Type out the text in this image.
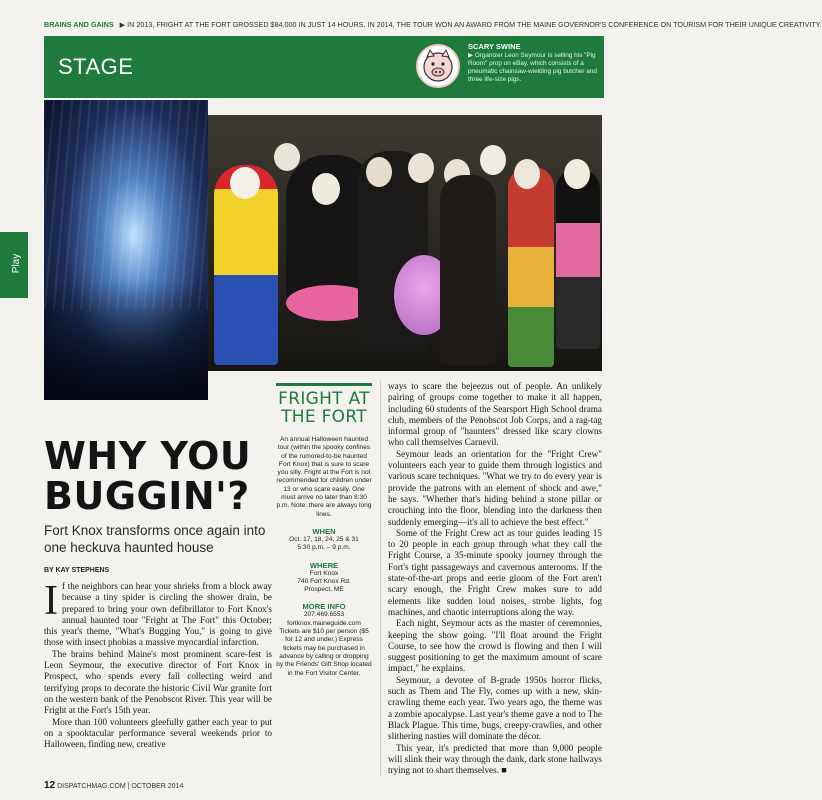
BRAINS AND GAINS ▶ IN 2013, FRIGHT AT THE FORT GROSSED $84,000 IN JUST 14 HOURS. IN 2014, THE TOUR WON AN AWARD FROM THE MAINE GOVERNOR'S CONFERENCE ON TOURISM FOR THEIR UNIQUE CREATIVITY.
STAGE
SCARY SWINE
▶ Organizer Leon Seymour is selling his "Pig Room" prop on eBay, which consists of a pneumatic chainsaw-wielding pig butcher and three life-size pigs.
Play
WHY YOU
BUGGIN'?
Fort Knox transforms once again into one heckuva haunted house
BY KAY STEPHENS

If the neighbors can hear your shrieks from a block away because a tiny spider is circling the shower drain, be prepared to bring your own defibrillator to Fort Knox's annual haunted tour "Fright at The Fort" this October; this year's theme, "What's Bugging You," is going to give those with insect phobias a massive myocardial infarction.

The brains behind Maine's most prominent scare-fest is Leon Seymour, the executive director of Fort Knox in Prospect, who spends every fall collecting weird and terrifying props to decorate the historic Civil War granite fort on the western bank of the Penobscot River. This year will be Fright at the Fort's 15th year.

More than 100 volunteers gleefully gather each year to put on a spooktacular performance several weekends prior to Halloween, finding new, creative

FRIGHT AT
THE FORT
An annual Halloween haunted tour (within the spooky confines of the rumored-to-be haunted Fort Knox) that is sure to scare you silly. Fright at the Fort is not recommended for children under 13 or who scare easily. One must arrive no later than 8:30 p.m. Note: there are always long lines.
WHEN
Oct. 17, 18, 24, 25 & 31
5:30 p.m. – 9 p.m.
WHERE
Fort Knox
740 Fort Knox Rd.
Prospect, ME
MORE INFO
207.469.6553
fortknox.maineguide.com
Tickets are $10 per person ($5 for 12 and under.) Express tickets may be purchased in advance by calling or dropping by the Friends' Gift Shop located in the Fort Visitor Center.

ways to scare the bejeezus out of people. An unlikely pairing of groups come together to make it all happen, including 60 students of the Searsport High School drama club, members of the Penobscot Job Corps, and a rag-tag informal group of "haunters" dressed like scary clowns who call themselves Carnevil.

Seymour leads an orientation for the "Fright Crew" volunteers each year to guide them through logistics and various scare techniques. "What we try to do every year is provide the patrons with an element of shock and awe," he says. "Whether that's hiding behind a stone pillar or crouching into the floor, blending into the darkness then suddenly emerging—it's all to achieve the best effect."

Some of the Fright Crew act as tour guides leading 15 to 20 people in each group through what they call the Fright Course, a 35-minute spooky journey through the Fort's tight passageways and cavernous anterooms. If the state-of-the-art props and eerie gloom of the Fort aren't scary enough, the Fright Crew makes sure to add elements like sudden loud noises, strobe lights, fog machines, and chaotic interruptions along the way.

Each night, Seymour acts as the master of ceremonies, keeping the show going. "I'll float around the Fright Course, to see how the crowd is flowing and then I will suggest positioning to get the maximum amount of scare impact," he explains.

Seymour, a devotee of B-grade 1950s horror flicks, such as Them and The Fly, comes up with a new, skin-crawling theme each year. Two years ago, the theme was a zombie apocalypse. Last year's theme gave a nod to The Black Plague. This time, bugs, creepy-crawlies, and other slithering nasties will dominate the décor.

This year, it's predicted that more than 9,000 people will slink their way through the dank, dark stone hallways trying not to shart themselves. ■

12 DISPATCHMAG.COM | OCTOBER 2014
